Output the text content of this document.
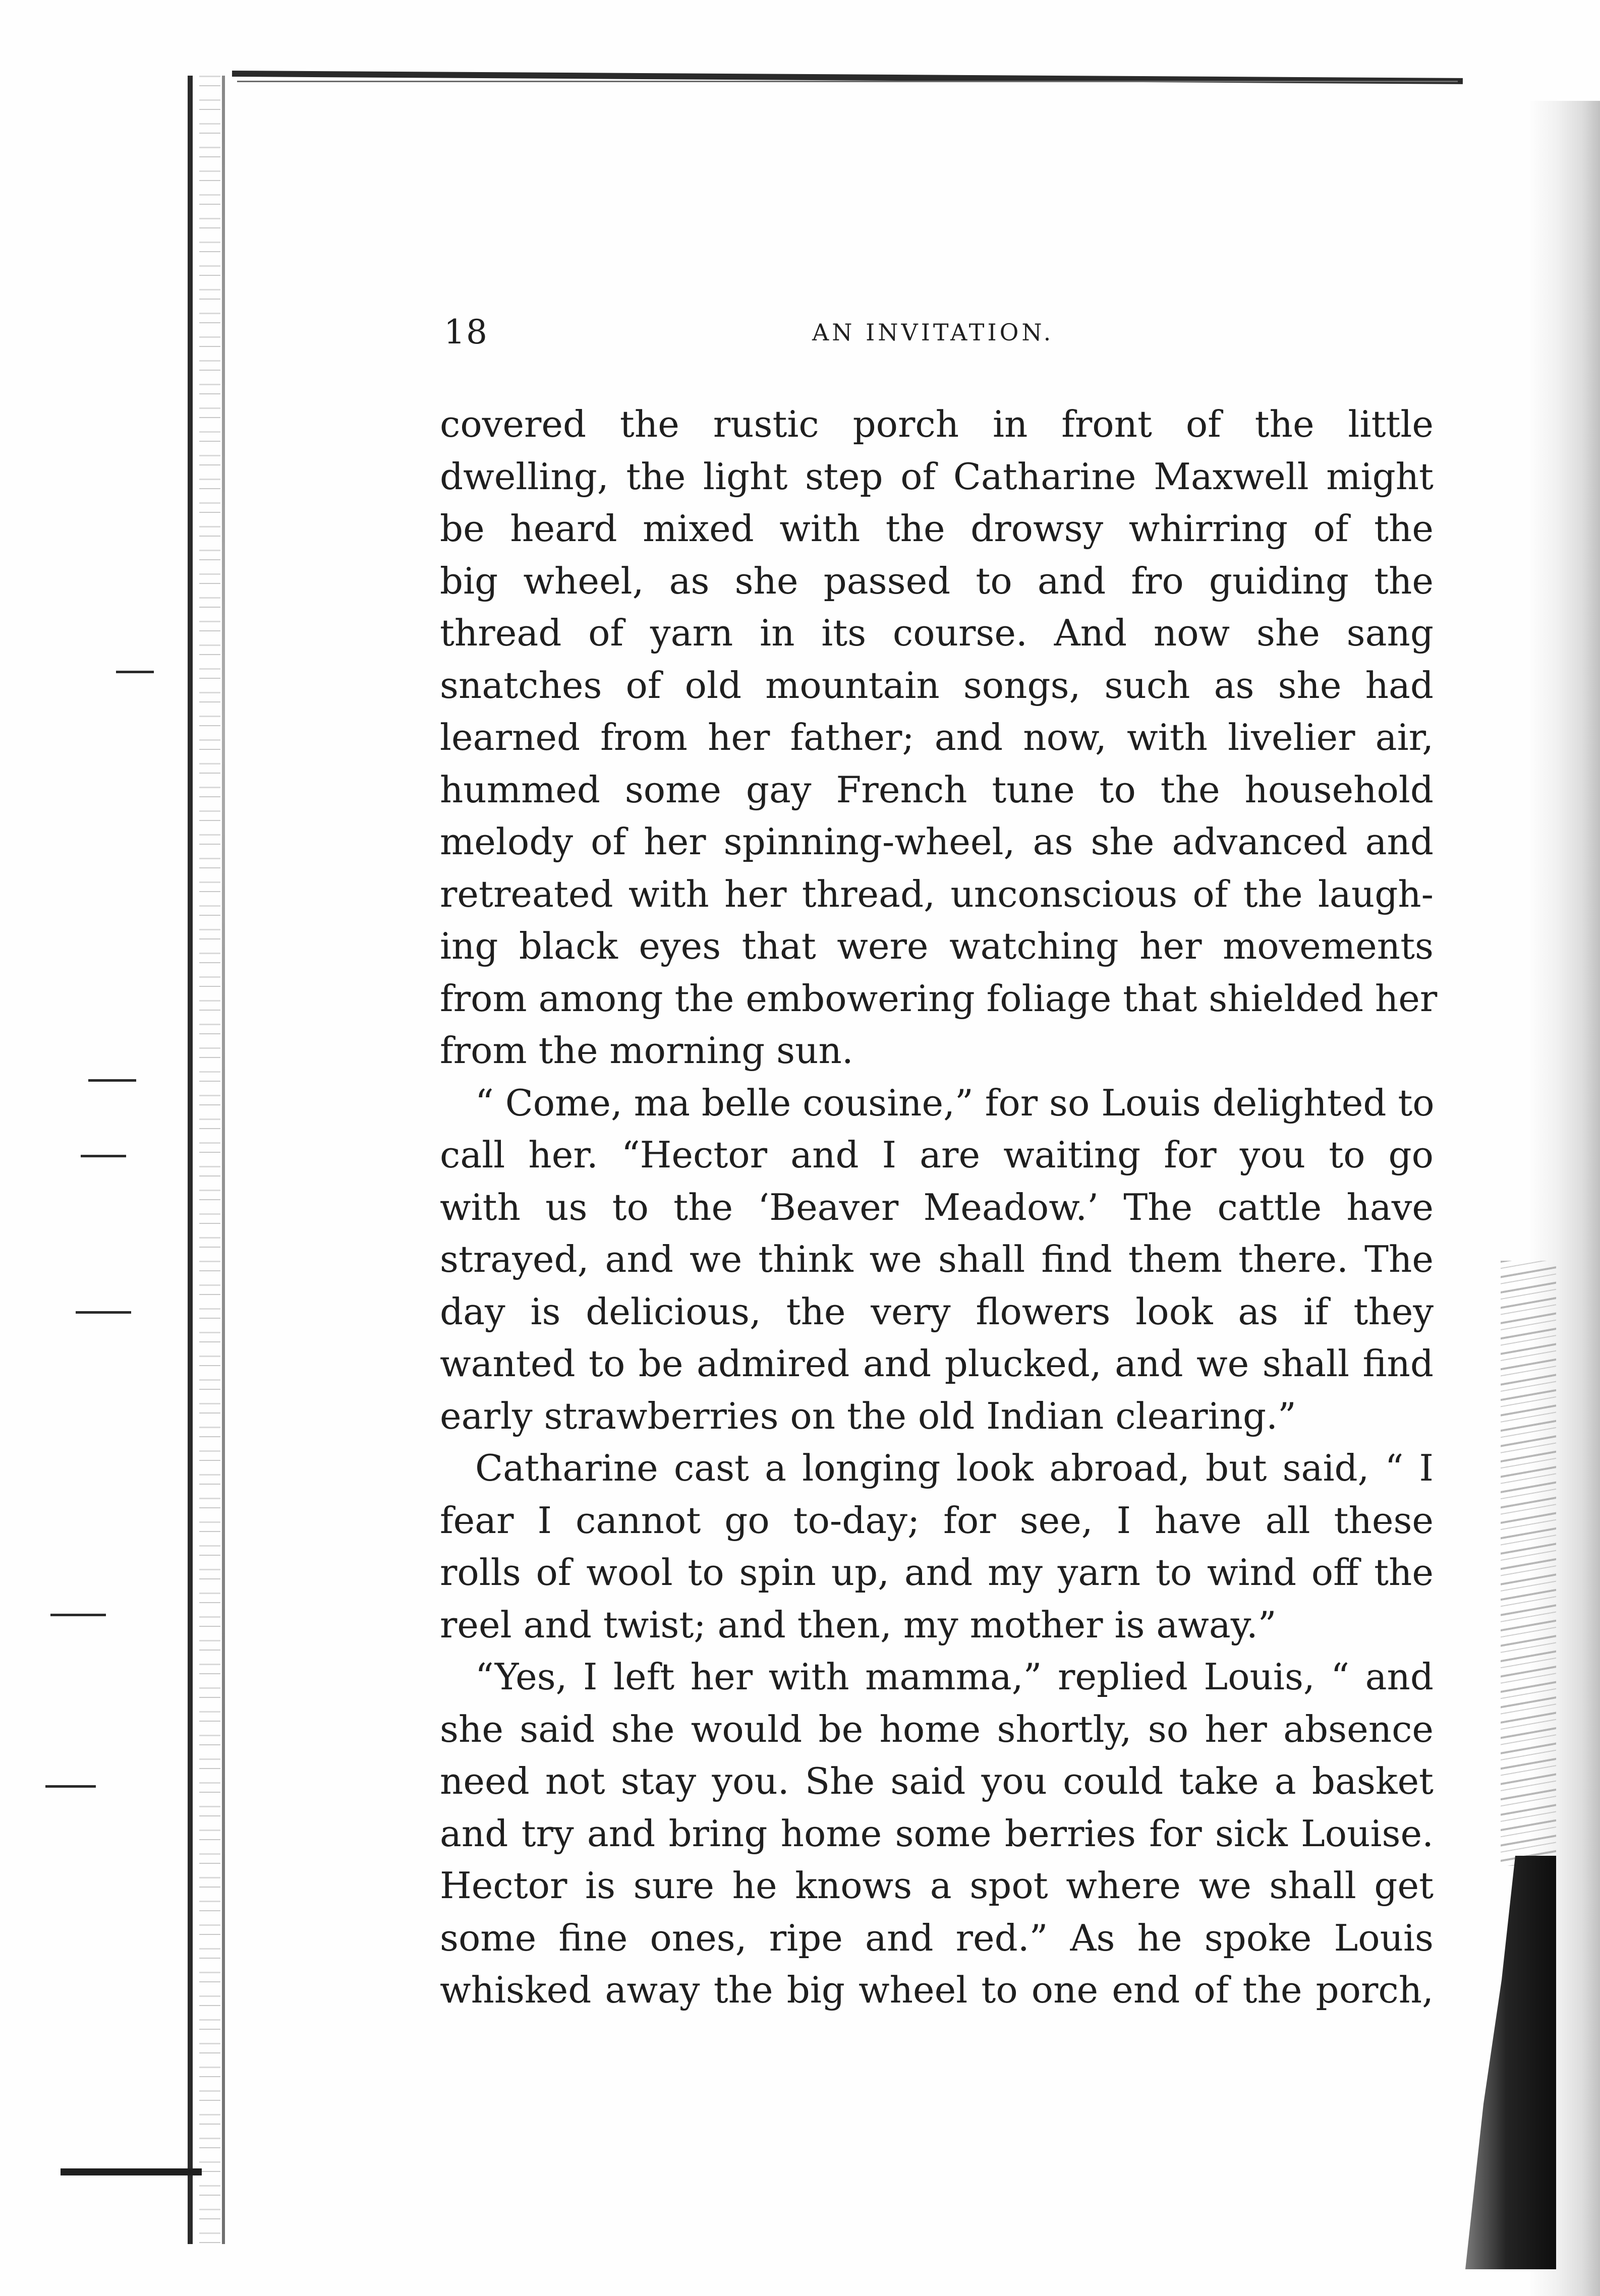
18	AN INVITATION.
covered the rustic porch in front of the little
dwelling, the light step of Catharine Maxwell might
be heard mixed with the drowsy whirring of the
big wheel, as she passed to and fro guiding the
thread of yarn in its course. And now she sang
snatches of old mountain songs, such as she had
learned from her father; and now, with livelier air,
hummed some gay French tune to the household
melody of her spinning-wheel, as she advanced and
retreated with her thread, unconscious of the laugh-
ing black eyes that were watching her movements
from among the embowering foliage that shielded her
from the morning sun.
“ Come, ma belle cousine,” for so Louis delighted to
call her. “Hector and I are waiting for you to go
with us to the ‘Beaver Meadow.’ The cattle have
strayed, and we think we shall find them there. The
day is delicious, the very flowers look as if they
wanted to be admired and plucked, and we shall find
early strawberries on the old Indian clearing.”
Catharine cast a longing look abroad, but said, “ I
fear I cannot go to-day; for see, I have all these
rolls of wool to spin up, and my yarn to wind off the
reel and twist; and then, my mother is away.”
“Yes, I left her with mamma,” replied Louis, “ and
she said she would be home shortly, so her absence
need not stay you. She said you could take a basket
and try and bring home some berries for sick Louise.
Hector is sure he knows a spot where we shall get
some fine ones, ripe and red.” As he spoke Louis
whisked away the big wheel to one end of the porch,
